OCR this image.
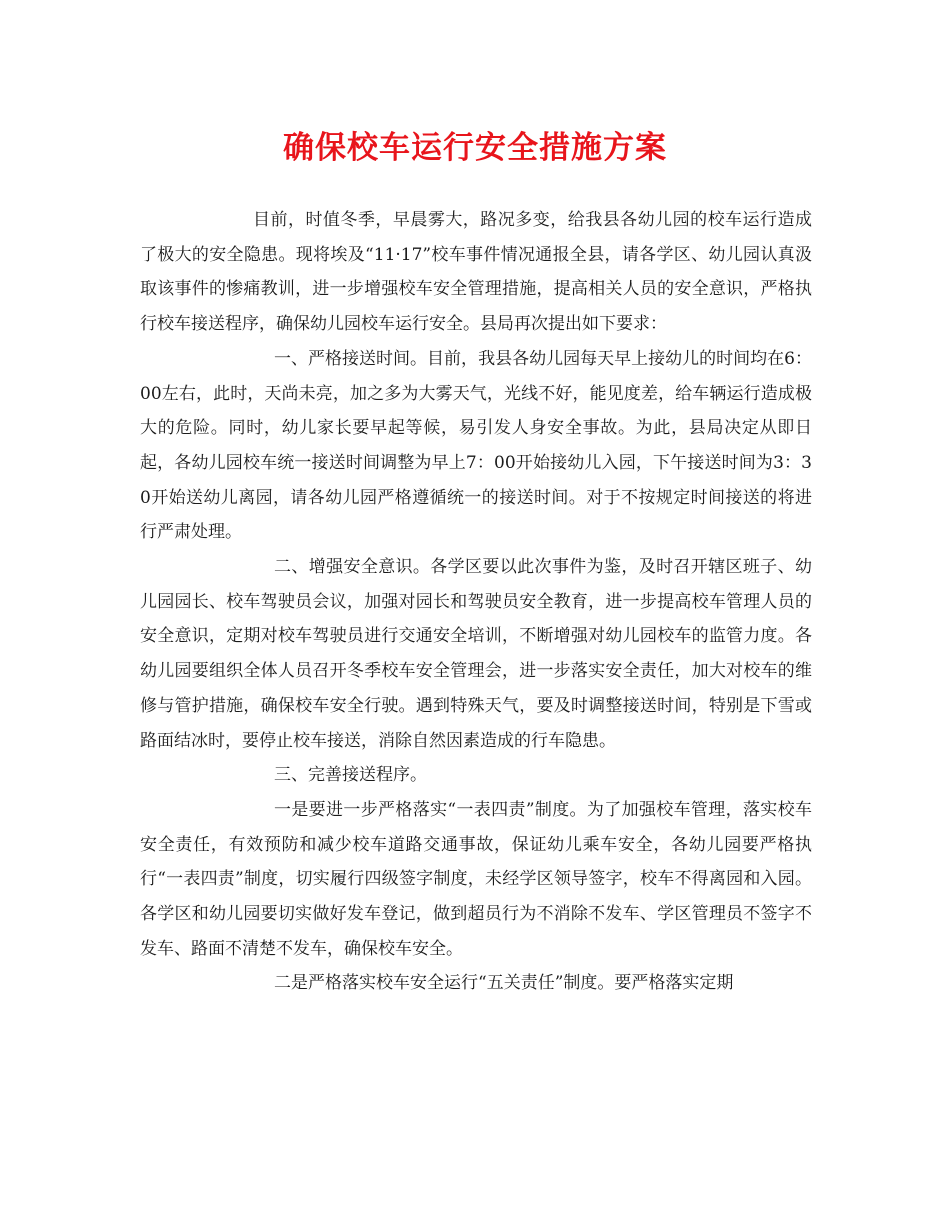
确保校车运行安全措施方案

目前，时值冬季，早晨雾大，路况多变，给我县各幼儿园的校车运行造成了极大的安全隐患。现将埃及“11·17”校车事件情况通报全县，请各学区、幼儿园认真汲取该事件的惨痛教训，进一步增强校车安全管理措施，提高相关人员的安全意识，严格执行校车接送程序，确保幼儿园校车运行安全。县局再次提出如下要求：

一、严格接送时间。目前，我县各幼儿园每天早上接幼儿的时间均在6：00左右，此时，天尚未亮，加之多为大雾天气，光线不好，能见度差，给车辆运行造成极大的危险。同时，幼儿家长要早起等候，易引发人身安全事故。为此，县局决定从即日起，各幼儿园校车统一接送时间调整为早上7：00开始接幼儿入园，下午接送时间为3：30开始送幼儿离园，请各幼儿园严格遵循统一的接送时间。对于不按规定时间接送的将进行严肃处理。

二、增强安全意识。各学区要以此次事件为鉴，及时召开辖区班子、幼儿园园长、校车驾驶员会议，加强对园长和驾驶员安全教育，进一步提高校车管理人员的安全意识，定期对校车驾驶员进行交通安全培训，不断增强对幼儿园校车的监管力度。各幼儿园要组织全体人员召开冬季校车安全管理会，进一步落实安全责任，加大对校车的维修与管护措施，确保校车安全行驶。遇到特殊天气，要及时调整接送时间，特别是下雪或路面结冰时，要停止校车接送，消除自然因素造成的行车隐患。

三、完善接送程序。

一是要进一步严格落实“一表四责”制度。为了加强校车管理，落实校车安全责任，有效预防和减少校车道路交通事故，保证幼儿乘车安全，各幼儿园要严格执行“一表四责”制度，切实履行四级签字制度，未经学区领导签字，校车不得离园和入园。各学区和幼儿园要切实做好发车登记，做到超员行为不消除不发车、学区管理员不签字不发车、路面不清楚不发车，确保校车安全。

二是严格落实校车安全运行“五关责任”制度。要严格落实定期
